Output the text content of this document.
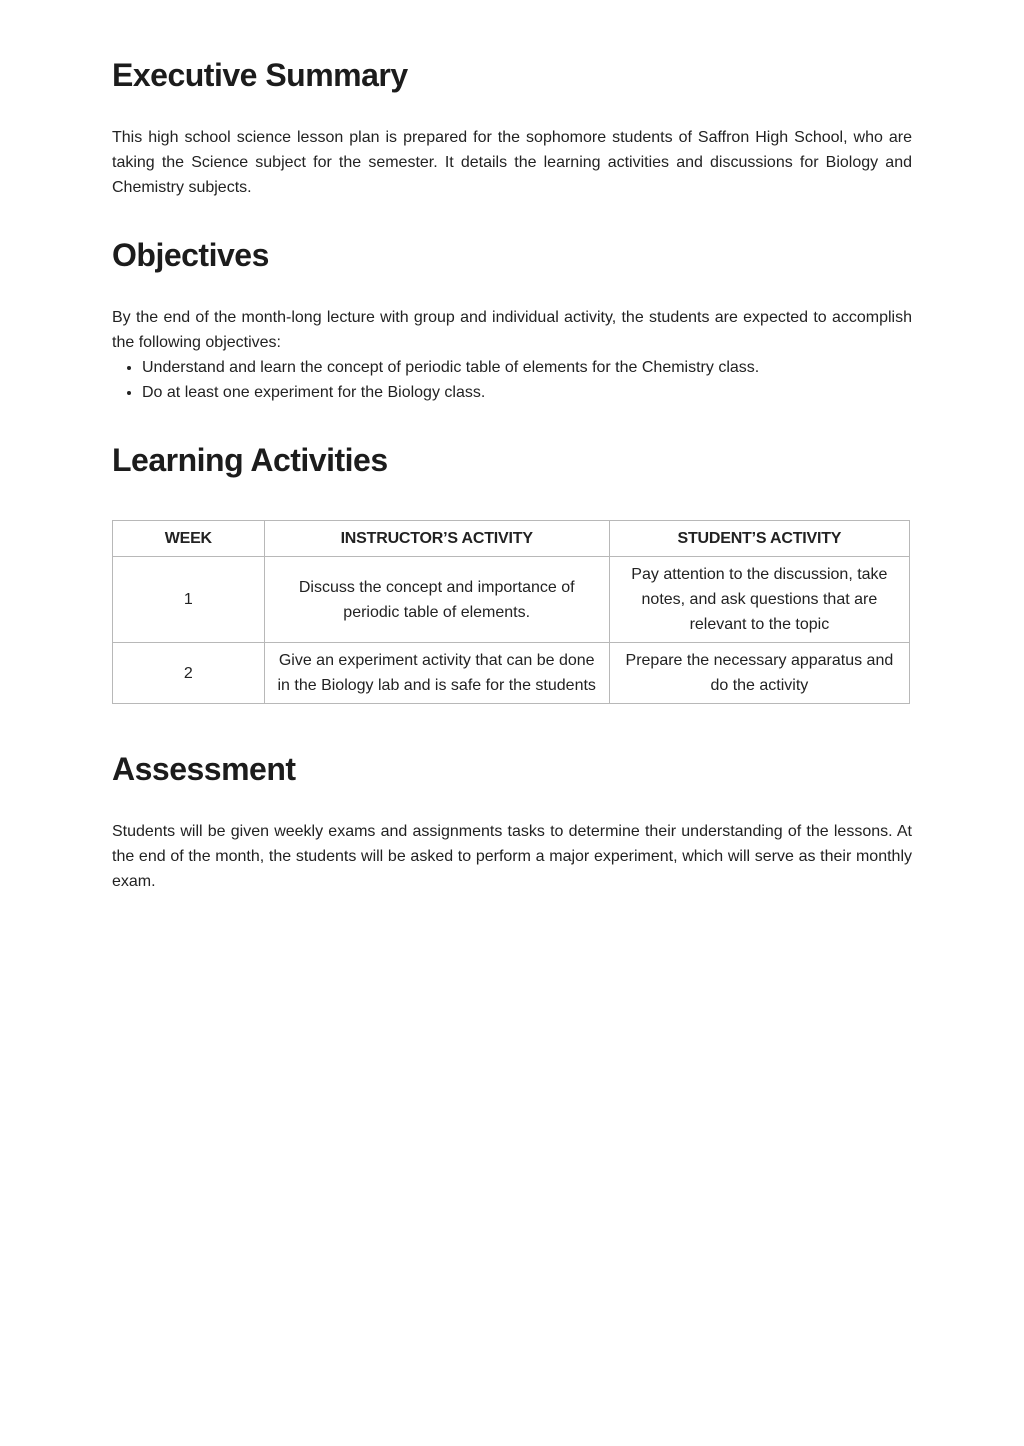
Executive Summary

This high school science lesson plan is prepared for the sophomore students of Saffron High School, who are taking the Science subject for the semester. It details the learning activities and discussions for Biology and Chemistry subjects.

Objectives

By the end of the month-long lecture with group and individual activity, the students are expected to accomplish the following objectives:

• Understand and learn the concept of periodic table of elements for the Chemistry class.
• Do at least one experiment for the Biology class.
Learning Activities
WEEK	INSTRUCTOR’S ACTIVITY	STUDENT’S ACTIVITY
1	Discuss the concept and importance of periodic table of elements.	Pay attention to the discussion, take notes, and ask questions that are relevant to the topic
2	Give an experiment activity that can be done in the Biology lab and is safe for the students	Prepare the necessary apparatus and do the activity
Assessment

Students will be given weekly exams and assignments tasks to determine their understanding of the lessons. At the end of the month, the students will be asked to perform a major experiment, which will serve as their monthly exam.
